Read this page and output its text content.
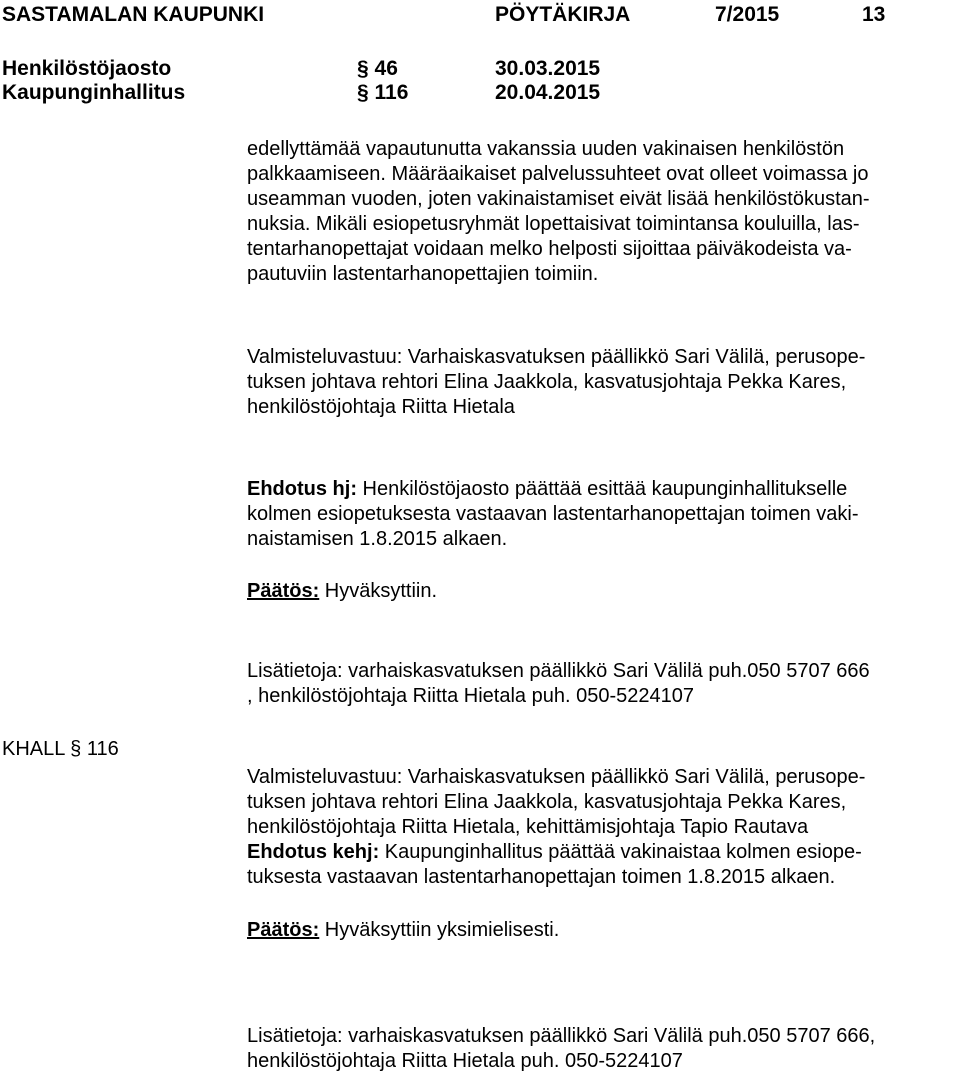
SASTAMALAN KAUPUNKI	PÖYTÄKIRJA	7/2015	13
Henkilöstöjaosto	§ 46	30.03.2015
Kaupunginhallitus	§ 116	20.04.2015
edellyttämää vapautunutta vakanssia uuden vakinaisen henkilöstön
palkkaamiseen. Määräaikaiset palvelussuhteet ovat olleet voimassa jo
useamman vuoden, joten vakinaistamiset eivät lisää henkilöstökustan-
nuksia. Mikäli esiopetusryhmät lopettaisivat toimintansa kouluilla, las-
tentarhanopettajat voidaan melko helposti sijoittaa päiväkodeista va-
pautuviin lastentarhanopettajien toimiin.
Valmisteluvastuu: Varhaiskasvatuksen päällikkö Sari Välilä, perusope-
tuksen johtava rehtori Elina Jaakkola, kasvatusjohtaja Pekka Kares,
henkilöstöjohtaja Riitta Hietala
Ehdotus hj: Henkilöstöjaosto päättää esittää kaupunginhallitukselle
kolmen esiopetuksesta vastaavan lastentarhanopettajan toimen vaki-
naistamisen 1.8.2015 alkaen.
Päätös: Hyväksyttiin.
Lisätietoja: varhaiskasvatuksen päällikkö Sari Välilä puh.050 5707 666
, henkilöstöjohtaja Riitta Hietala puh. 050-5224107
KHALL § 116
Valmisteluvastuu: Varhaiskasvatuksen päällikkö Sari Välilä, perusope-
tuksen johtava rehtori Elina Jaakkola, kasvatusjohtaja Pekka Kares,
henkilöstöjohtaja Riitta Hietala, kehittämisjohtaja Tapio Rautava
Ehdotus kehj: Kaupunginhallitus päättää vakinaistaa kolmen esiope-
tuksesta vastaavan lastentarhanopettajan toimen 1.8.2015 alkaen.
Päätös: Hyväksyttiin yksimielisesti.
Lisätietoja: varhaiskasvatuksen päällikkö Sari Välilä puh.050 5707 666,
henkilöstöjohtaja Riitta Hietala puh. 050-5224107
